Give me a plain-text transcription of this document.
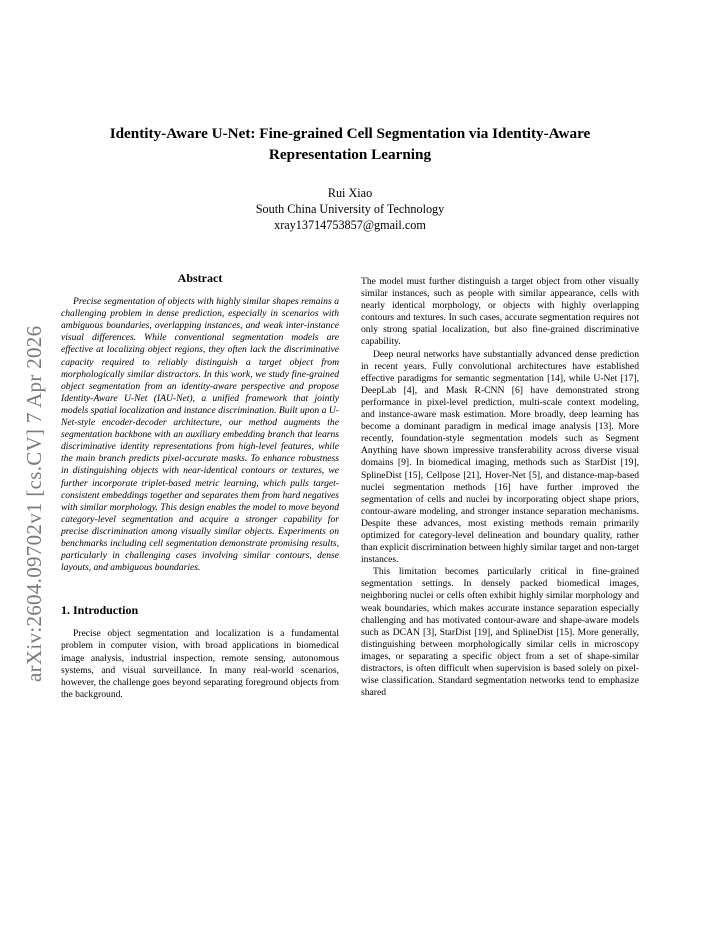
arXiv:2604.09702v1 [cs.CV] 7 Apr 2026
Identity-Aware U-Net: Fine-grained Cell Segmentation via Identity-Aware
Representation Learning
Rui Xiao
South China University of Technology
xray13714753857@gmail.com
Abstract

Precise segmentation of objects with highly similar shapes remains a challenging problem in dense prediction, especially in scenarios with ambiguous boundaries, overlapping instances, and weak inter-instance visual differences. While conventional segmentation models are effective at localizing object regions, they often lack the discriminative capacity required to reliably distinguish a target object from morphologically similar distractors. In this work, we study fine-grained object segmentation from an identity-aware perspective and propose Identity-Aware U-Net (IAU-Net), a unified framework that jointly models spatial localization and instance discrimination. Built upon a U-Net-style encoder-decoder architecture, our method augments the segmentation backbone with an auxiliary embedding branch that learns discriminative identity representations from high-level features, while the main branch predicts pixel-accurate masks. To enhance robustness in distinguishing objects with near-identical contours or textures, we further incorporate triplet-based metric learning, which pulls target-consistent embeddings together and separates them from hard negatives with similar morphology. This design enables the model to move beyond category-level segmentation and acquire a stronger capability for precise discrimination among visually similar objects. Experiments on benchmarks including cell segmentation demonstrate promising results, particularly in challenging cases involving similar contours, dense layouts, and ambiguous boundaries.

1. Introduction

Precise object segmentation and localization is a fundamental problem in computer vision, with broad applications in biomedical image analysis, industrial inspection, remote sensing, autonomous systems, and visual surveillance. In many real-world scenarios, however, the challenge goes beyond separating foreground objects from the background.

The model must further distinguish a target object from other visually similar instances, such as people with similar appearance, cells with nearly identical morphology, or objects with highly overlapping contours and textures. In such cases, accurate segmentation requires not only strong spatial localization, but also fine-grained discriminative capability.

Deep neural networks have substantially advanced dense prediction in recent years. Fully convolutional architectures have established effective paradigms for semantic segmentation [14], while U-Net [17], DeepLab [4], and Mask R-CNN [6] have demonstrated strong performance in pixel-level prediction, multi-scale context modeling, and instance-aware mask estimation. More broadly, deep learning has become a dominant paradigm in medical image analysis [13]. More recently, foundation-style segmentation models such as Segment Anything have shown impressive transferability across diverse visual domains [9]. In biomedical imaging, methods such as StarDist [19], SplineDist [15], Cellpose [21], Hover-Net [5], and distance-map-based nuclei segmentation methods [16] have further improved the segmentation of cells and nuclei by incorporating object shape priors, contour-aware modeling, and stronger instance separation mechanisms. Despite these advances, most existing methods remain primarily optimized for category-level delineation and boundary quality, rather than explicit discrimination between highly similar target and non-target instances.

This limitation becomes particularly critical in fine-grained segmentation settings. In densely packed biomedical images, neighboring nuclei or cells often exhibit highly similar morphology and weak boundaries, which makes accurate instance separation especially challenging and has motivated contour-aware and shape-aware models such as DCAN [3], StarDist [19], and SplineDist [15]. More generally, distinguishing between morphologically similar cells in microscopy images, or separating a specific object from a set of shape-similar distractors, is often difficult when supervision is based solely on pixel-wise classification. Standard segmentation networks tend to emphasize shared
